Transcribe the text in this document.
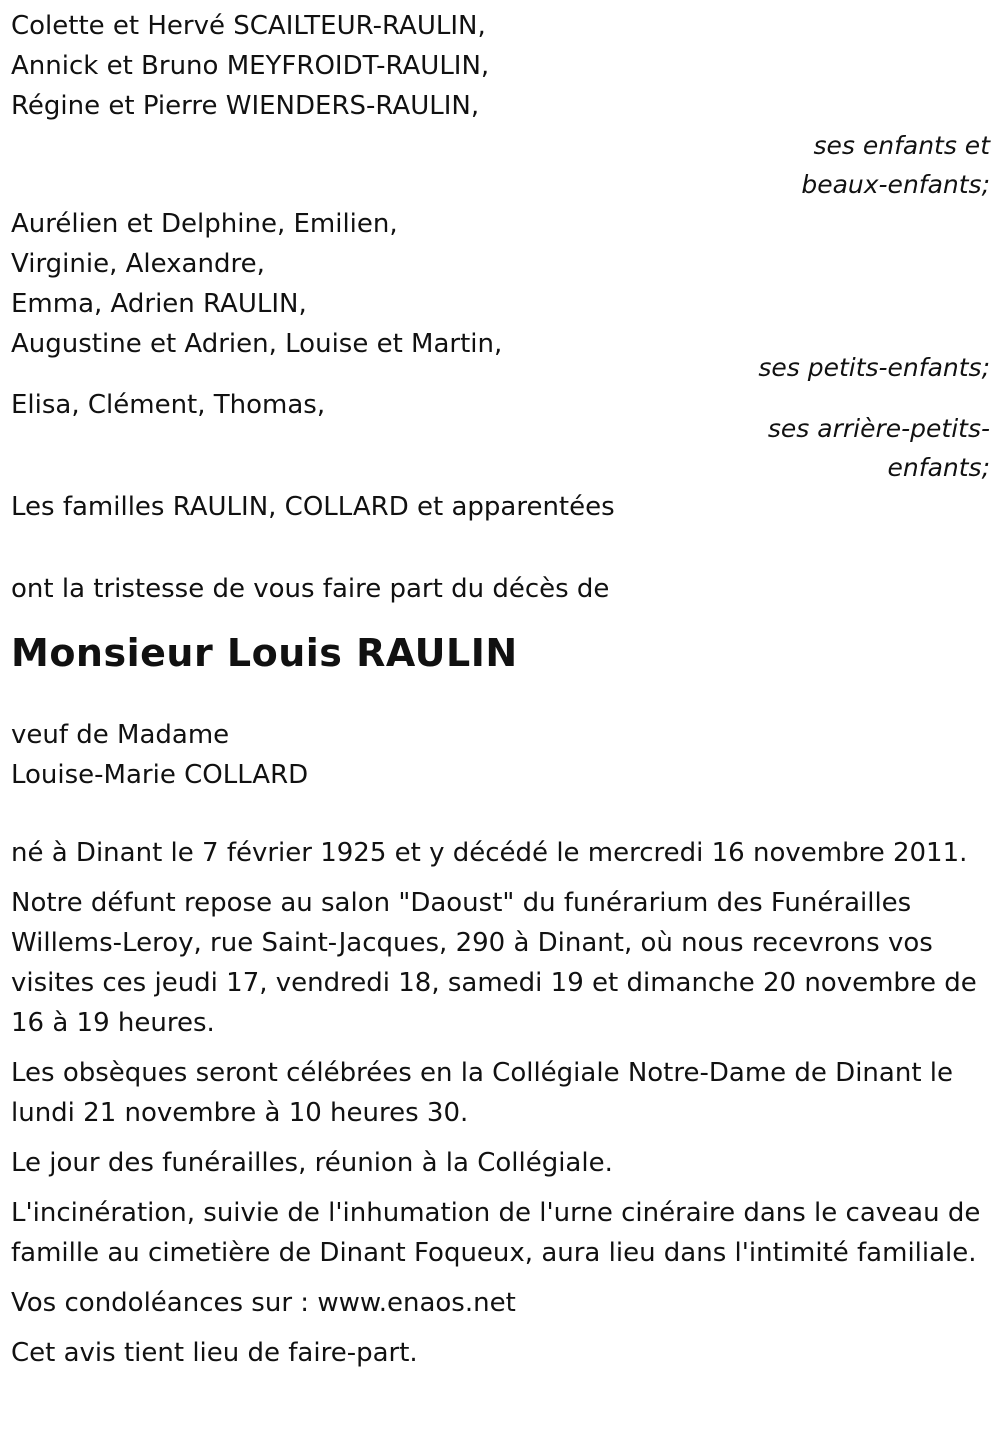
Colette et Hervé SCAILTEUR-RAULIN,
Annick et Bruno MEYFROIDT-RAULIN,
Régine et Pierre WIENDERS-RAULIN,
ses enfants et
beaux-enfants;
Aurélien et Delphine, Emilien,
Virginie, Alexandre,
Emma, Adrien RAULIN,
Augustine et Adrien, Louise et Martin,
ses petits-enfants;
Elisa, Clément, Thomas,
ses arrière-petits-
enfants;
Les familles RAULIN, COLLARD et apparentées
ont la tristesse de vous faire part du décès de
Monsieur Louis RAULIN
veuf de Madame
Louise-Marie COLLARD

né à Dinant le 7 février 1925 et y décédé le mercredi 16 novembre 2011.

Notre défunt repose au salon "Daoust" du funérarium des Funérailles Willems-Leroy, rue Saint-Jacques, 290 à Dinant, où nous recevrons vos visites ces jeudi 17, vendredi 18, samedi 19 et dimanche 20 novembre de 16 à 19 heures.

Les obsèques seront célébrées en la Collégiale Notre-Dame de Dinant le lundi 21 novembre à 10 heures 30.

Le jour des funérailles, réunion à la Collégiale.

L'incinération, suivie de l'inhumation de l'urne cinéraire dans le caveau de famille au cimetière de Dinant Foqueux, aura lieu dans l'intimité familiale.

Vos condoléances sur : www.enaos.net

Cet avis tient lieu de faire-part.
